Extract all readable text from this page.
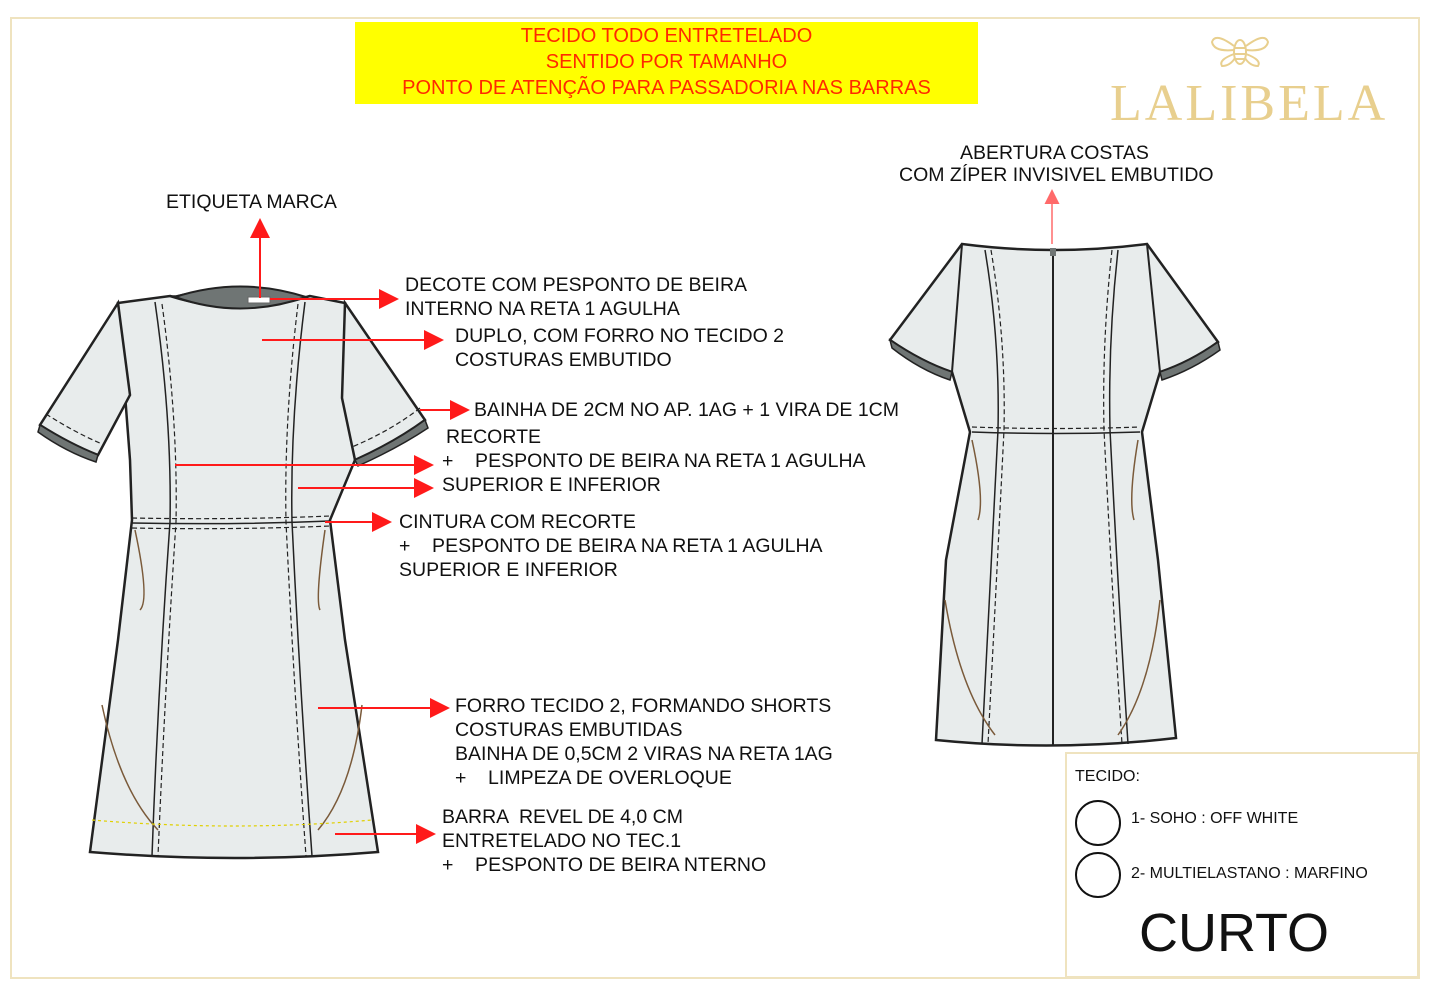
TECIDO TODO ENTRETELADO
SENTIDO POR TAMANHO
PONTO DE ATENÇÃO PARA PASSADORIA NAS BARRAS	LALIBELA
ETIQUETA MARCA
DECOTE COM PESPONTO DE BEIRA
INTERNO NA RETA 1 AGULHA
DUPLO, COM FORRO NO TECIDO 2
COSTURAS EMBUTIDO
BAINHA DE 2CM NO AP. 1AG + 1 VIRA DE 1CM
RECORTE
+    PESPONTO DE BEIRA NA RETA 1 AGULHA
SUPERIOR E INFERIOR
CINTURA COM RECORTE
+    PESPONTO DE BEIRA NA RETA 1 AGULHA
SUPERIOR E INFERIOR
FORRO TECIDO 2, FORMANDO SHORTS
COSTURAS EMBUTIDAS
BAINHA DE 0,5CM 2 VIRAS NA RETA 1AG
+    LIMPEZA DE OVERLOQUE
BARRA  REVEL DE 4,0 CM
ENTRETELADO NO TEC.1
+    PESPONTO DE BEIRA NTERNO
ABERTURA COSTAS
COM ZÍPER INVISIVEL EMBUTIDO
TECIDO:
1- SOHO : OFF WHITE
2- MULTIELASTANO : MARFINO
CURTO
